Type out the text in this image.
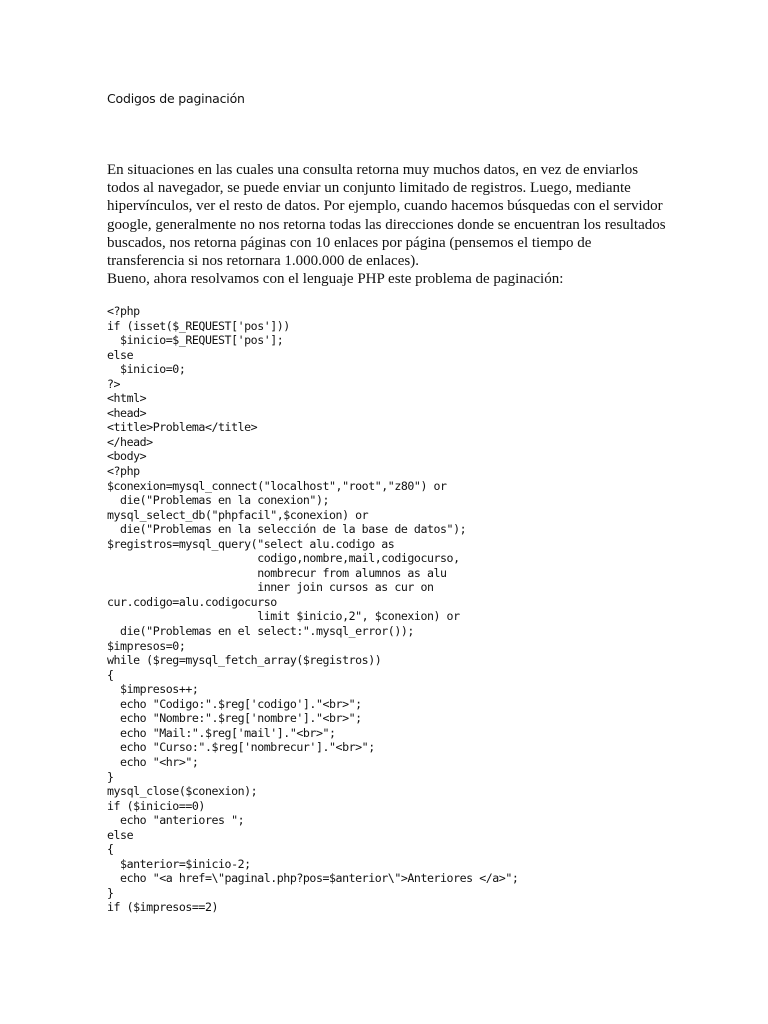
Codigos de paginación

En situaciones en las cuales una consulta retorna muy muchos datos, en vez de enviarlos todos al navegador, se puede enviar un conjunto limitado de registros. Luego, mediante hipervínculos, ver el resto de datos. Por ejemplo, cuando hacemos búsquedas con el servidor google, generalmente no nos retorna todas las direcciones donde se encuentran los resultados buscados, nos retorna páginas con 10 enlaces por página (pensemos el tiempo de transferencia si nos retornara 1.000.000 de enlaces).

Bueno, ahora resolvamos con el lenguaje PHP este problema de paginación:

<?php
if (isset($_REQUEST['pos']))
$inicio=$_REQUEST['pos'];
else
$inicio=0;
?>
<html>
<head>
<title>Problema</title>
</head>
<body>
<?php
$conexion=mysql_connect("localhost","root","z80") or
die("Problemas en la conexion");
mysql_select_db("phpfacil",$conexion) or
die("Problemas en la selección de la base de datos");
$registros=mysql_query("select alu.codigo as
codigo,nombre,mail,codigocurso,
nombrecur from alumnos as alu
inner join cursos as cur on
cur.codigo=alu.codigocurso
limit $inicio,2", $conexion) or
die("Problemas en el select:".mysql_error());
$impresos=0;
while ($reg=mysql_fetch_array($registros))
{
$impresos++;
echo "Codigo:".$reg['codigo']."<br>";
echo "Nombre:".$reg['nombre']."<br>";
echo "Mail:".$reg['mail']."<br>";
echo "Curso:".$reg['nombrecur']."<br>";
echo "<hr>";
}
mysql_close($conexion);
if ($inicio==0)
echo "anteriores ";
else
{
$anterior=$inicio-2;
echo "<a href=\"paginal.php?pos=$anterior\">Anteriores </a>";
}
if ($impresos==2)
